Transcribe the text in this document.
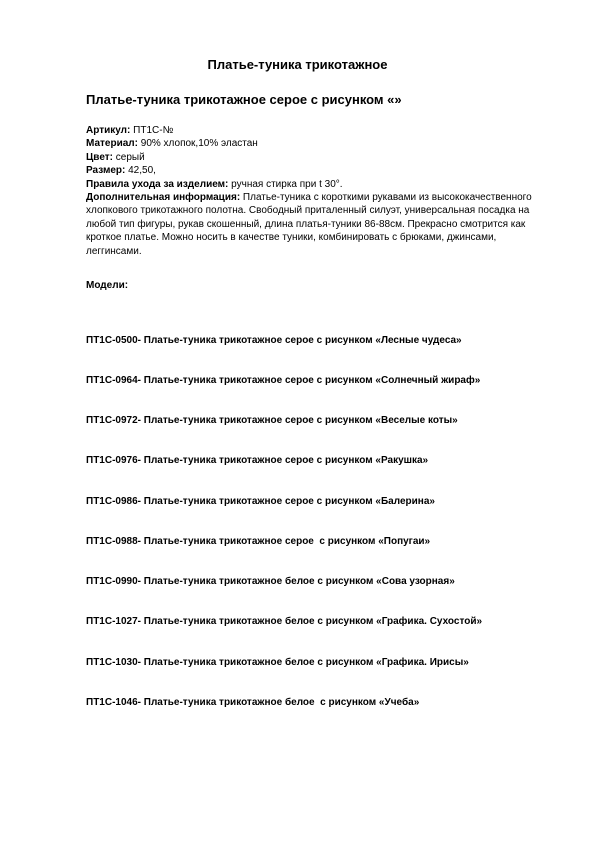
Платье-туника трикотажное
Платье-туника трикотажное серое с рисунком «»

Артикул: ПТ1С-№

Материал: 90% хлопок,10% эластан

Цвет: серый

Размер: 42,50,

Правила ухода за изделием: ручная стирка при t 30°.

Дополнительная информация: Платье-туника с короткими рукавами из высококачественного хлопкового трикотажного полотна. Свободный приталенный силуэт, универсальная посадка на любой тип фигуры, рукав скошенный, длина платья-туники 86-88см. Прекрасно смотрится как кроткое платье. Можно носить в качестве туники, комбинировать с брюками, джинсами, леггинсами.

Модели:

ПТ1С-0500- Платье-туника трикотажное серое с рисунком «Лесные чудеса»

ПТ1С-0964- Платье-туника трикотажное серое с рисунком «Солнечный жираф»

ПТ1С-0972- Платье-туника трикотажное серое с рисунком «Веселые коты»

ПТ1С-0976- Платье-туника трикотажное серое с рисунком «Ракушка»

ПТ1С-0986- Платье-туника трикотажное серое с рисунком «Балерина»

ПТ1С-0988- Платье-туника трикотажное серое  с рисунком «Попугаи»

ПТ1С-0990- Платье-туника трикотажное белое с рисунком «Сова узорная»

ПТ1С-1027- Платье-туника трикотажное белое с рисунком «Графика. Сухостой»

ПТ1С-1030- Платье-туника трикотажное белое с рисунком «Графика. Ирисы»

ПТ1С-1046- Платье-туника трикотажное белое  с рисунком «Учеба»
